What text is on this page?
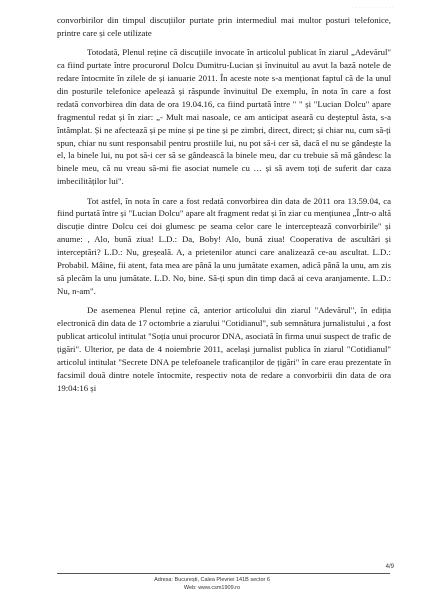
- - - - - - - - - - - - -

convorbirilor din timpul discuțiilor purtate prin intermediul mai multor posturi telefonice, printre care și cele utilizate

Totodată, Plenul reține că discuțiile invocate în articolul publicat în ziarul „Adevărul" ca fiind purtate între procurorul Dolcu Dumitru-Lucian și învinuitul au avut la bază notele de redare întocmite în zilele de și ianuarie 2011. În aceste note s-a menționat faptul că de la unul din posturile telefonice apelează și răspunde învinuitul De exemplu, în nota în care a fost redată convorbirea din data de ora 19.04.16, ca fiind purtată între " " și "Lucian Dolcu" apare fragmentul redat și în ziar: „- Mult mai nasoale, ce am anticipat aseară cu deșteptul ăsta, s-a întâmplat. Și ne afectează și pe mine și pe tine și pe zimbri, direct, direct; și chiar nu, cum să-ți spun, chiar nu sunt responsabil pentru prostiile lui, nu pot să-i cer să, dacă el nu se gândește la el, la binele lui, nu pot să-i cer să se gândească la binele meu, dar cu trebuie să mă gândesc la binele meu, că nu vreau să-mi fie asociat numele cu … și să avem toți de suferit dar caza imbecilităților lui".

Tot astfel, în nota în care a fost redată convorbirea din data de 2011 ora 13.59.04, ca fiind purtată între și "Lucian Dolcu" apare alt fragment redat și în ziar cu mențiunea „Într-o altă discuție dintre Dolcu cei doi glumesc pe seama celor care le interceptează convorbirile" și anume: , Alo, bună ziua! L.D.: Da, Boby! Alo, bună ziua! Cooperativa de ascultări și interceptări? L.D.: Nu, greșeală. A, a prietenilor atunci care analizează ce-au ascultat. L.D.: Probabil. Mâine, fii atent, fata mea are până la unu jumătate examen, adică până la unu, am zis să plecăm la unu jumătate. L.D. No, bine. Să-ți spun din timp dacă ai ceva aranjamente. L.D.: Nu, n-am".

De asemenea Plenul reține că, anterior articolului din ziarul "Adevărul", în ediția electronică din data de 17 octombrie a ziarului "Cotidianul", sub semnătura jurnalistului , a fost publicat articolul intitulat "Soția unui procuror DNA, asociată în firma unui suspect de trafic de țigări". Ulterior, pe data de 4 noiembrie 2011, același jurnalist publica în ziarul "Cotidianul" articolul intitulat "Secrete DNA pe telefoanele traficanților de țigări" în care erau prezentate în facsimil două dintre notele întocmite, respectiv nota de redare a convorbirii din data de ora 19:04:16 și

4/9
Adresa: București, Calea Plevnei 141B sector 6
Web: www.csm1909.ro
